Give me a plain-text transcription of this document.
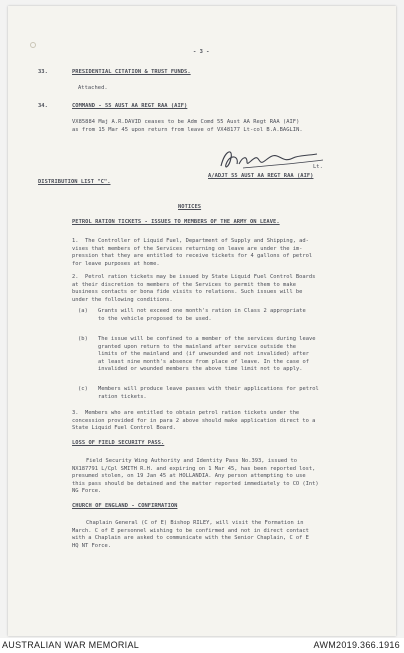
- 3 -
33.	PRESIDENTIAL CITATION & TRUST FUNDS.
Attached.
34.	COMMAND - 55 AUST AA REGT RAA (AIF)
VX85884 Maj A.R.DAVID ceases to be Adm Comd 55 Aust AA Regt RAA (AIF)
as from 15 Mar 45 upon return from leave of VX48177 Lt-col B.A.BAGLIN.
Lt.
A/ADJT 55 AUST AA REGT RAA (AIF)
DISTRIBUTION LIST "C".
NOTICES
PETROL RATION TICKETS - ISSUES TO MEMBERS OF THE ARMY ON LEAVE.
1.  The Controller of Liquid Fuel, Department of Supply and Shipping, ad-
vises that members of the Services returning on leave are under the im-
pression that they are entitled to receive tickets for 4 gallons of petrol
for leave purposes at home.
2.  Petrol ration tickets may be issued by State Liquid Fuel Control Boards
at their discretion to members of the Services to permit them to make
business contacts or bona fide visits to relations. Such issues will be
under the following conditions.
(a) Grants will not exceed one month's ration in Class 2 appropriate
to the vehicle proposed to be used.
(b) The issue will be confined to a member of the services during leave
granted upon return to the mainland after service outside the
limits of the mainland and (if unwounded and not invalided) after
at least nine month's absence from place of leave. In the case of
invalided or wounded members the above time limit not to apply.
(c) Members will produce leave passes with their applications for petrol
ration tickets.
3.  Members who are entitled to obtain petrol ration tickets under the
concession provided for in para 2 above should make application direct to a
State Liquid Fuel Control Board.
LOSS OF FIELD SECURITY PASS.
Field Security Wing Authority and Identity Pass No.393, issued to
NX187791 L/Cpl SMITH R.H. and expiring on 1 Mar 45, has been reported lost,
presumed stolen, on 19 Jan 45 at HOLLANDIA. Any person attempting to use
this pass should be detained and the matter reported immediately to CO (Int)
NG Force.
CHURCH OF ENGLAND - CONFIRMATION
Chaplain General (C of E) Bishop RILEY, will visit the Formation in
March. C of E personnel wishing to be confirmed and not in direct contact
with a Chaplain are asked to communicate with the Senior Chaplain, C of E
HQ NT Force.
AUSTRALIAN WAR MEMORIAL	AWM2019.366.1916
